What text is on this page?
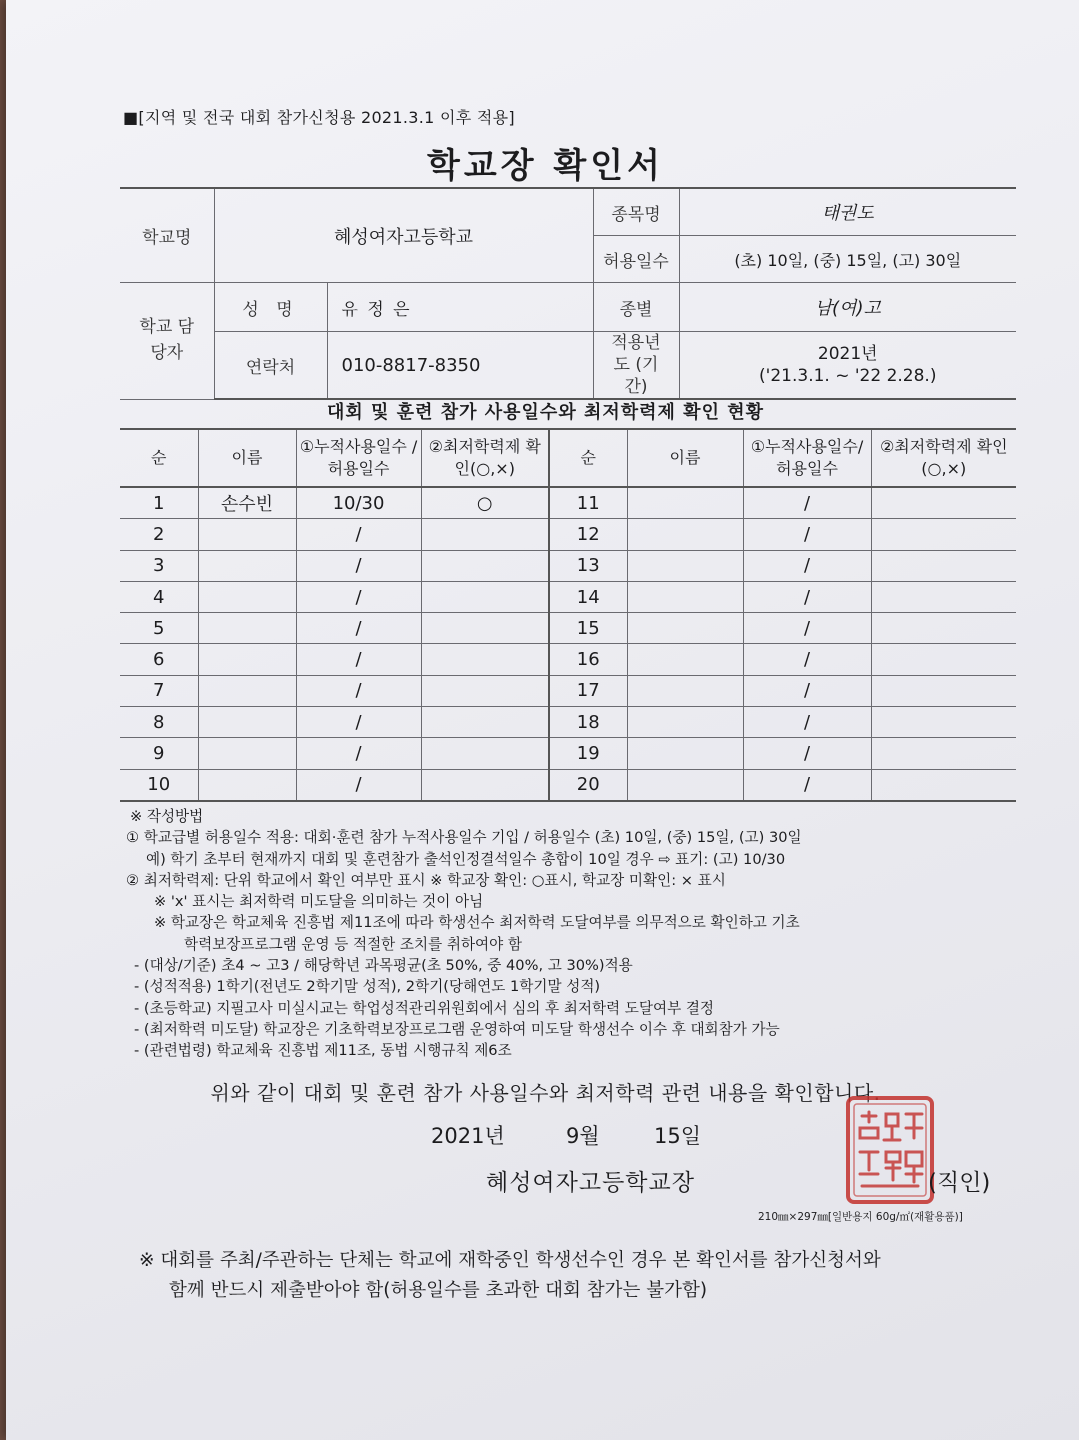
■[지역 및 전국 대회 참가신청용 2021.3.1 이후 적용]
학교장 확인서
학교명	혜성여자고등학교		종목명	태권도
			허용일수	(초) 10일, (중) 15일, (고) 30일
학교 담당자	성 명	유 정 은	종별	남(여)고
	연락처	010-8817-8350	적용년도 (기간)	2021년
('21.3.1. ~ '22 2.28.)
대회 및 훈련 참가 사용일수와 최저학력제 확인 현황
순	이름	①누적사용일수 /허용일수	②최저학력제 확인(○,×)	순	이름	①누적사용일수/ 허용일수	②최저학력제 확인(○,×)
1	손수빈	10/30	○	11		/	
2		/		12		/	
3		/		13		/	
4		/		14		/	
5		/		15		/	
6		/		16		/	
7		/		17		/	
8		/		18		/	
9		/		19		/	
10		/		20		/	
※ 작성방법
① 학교급별 허용일수 적용: 대회·훈련 참가 누적사용일수 기입 / 허용일수 (초) 10일, (중) 15일, (고) 30일
예) 학기 초부터 현재까지 대회 및 훈련참가 출석인정결석일수 총합이 10일 경우 ⇨ 표기: (고) 10/30
② 최저학력제: 단위 학교에서 확인 여부만 표시 ※ 학교장 확인: ○표시, 학교장 미확인: × 표시
※ 'x' 표시는 최저학력 미도달을 의미하는 것이 아님
※ 학교장은 학교체육 진흥법 제11조에 따라 학생선수 최저학력 도달여부를 의무적으로 확인하고 기초
학력보장프로그램 운영 등 적절한 조치를 취하여야 함
- (대상/기준) 초4 ~ 고3 / 해당학년 과목평균(초 50%, 중 40%, 고 30%)적용
- (성적적용) 1학기(전년도 2학기말 성적), 2학기(당해연도 1학기말 성적)
- (초등학교) 지필고사 미실시교는 학업성적관리위원회에서 심의 후 최저학력 도달여부 결정
- (최저학력 미도달) 학교장은 기초학력보장프로그램 운영하여 미도달 학생선수 이수 후 대회참가 가능
- (관련법령) 학교체육 진흥법 제11조, 동법 시행규칙 제6조
위와 같이 대회 및 훈련 참가 사용일수와 최저학력 관련 내용을 확인합니다.
2021년	9월	15일
혜성여자고등학교장	(직인)
210㎜×297㎜[일반용지 60g/㎡(재활용품)]
※ 대회를 주최/주관하는 단체는 학교에 재학중인 학생선수인 경우 본 확인서를 참가신청서와
함께 반드시 제출받아야 함(허용일수를 초과한 대회 참가는 불가함)
